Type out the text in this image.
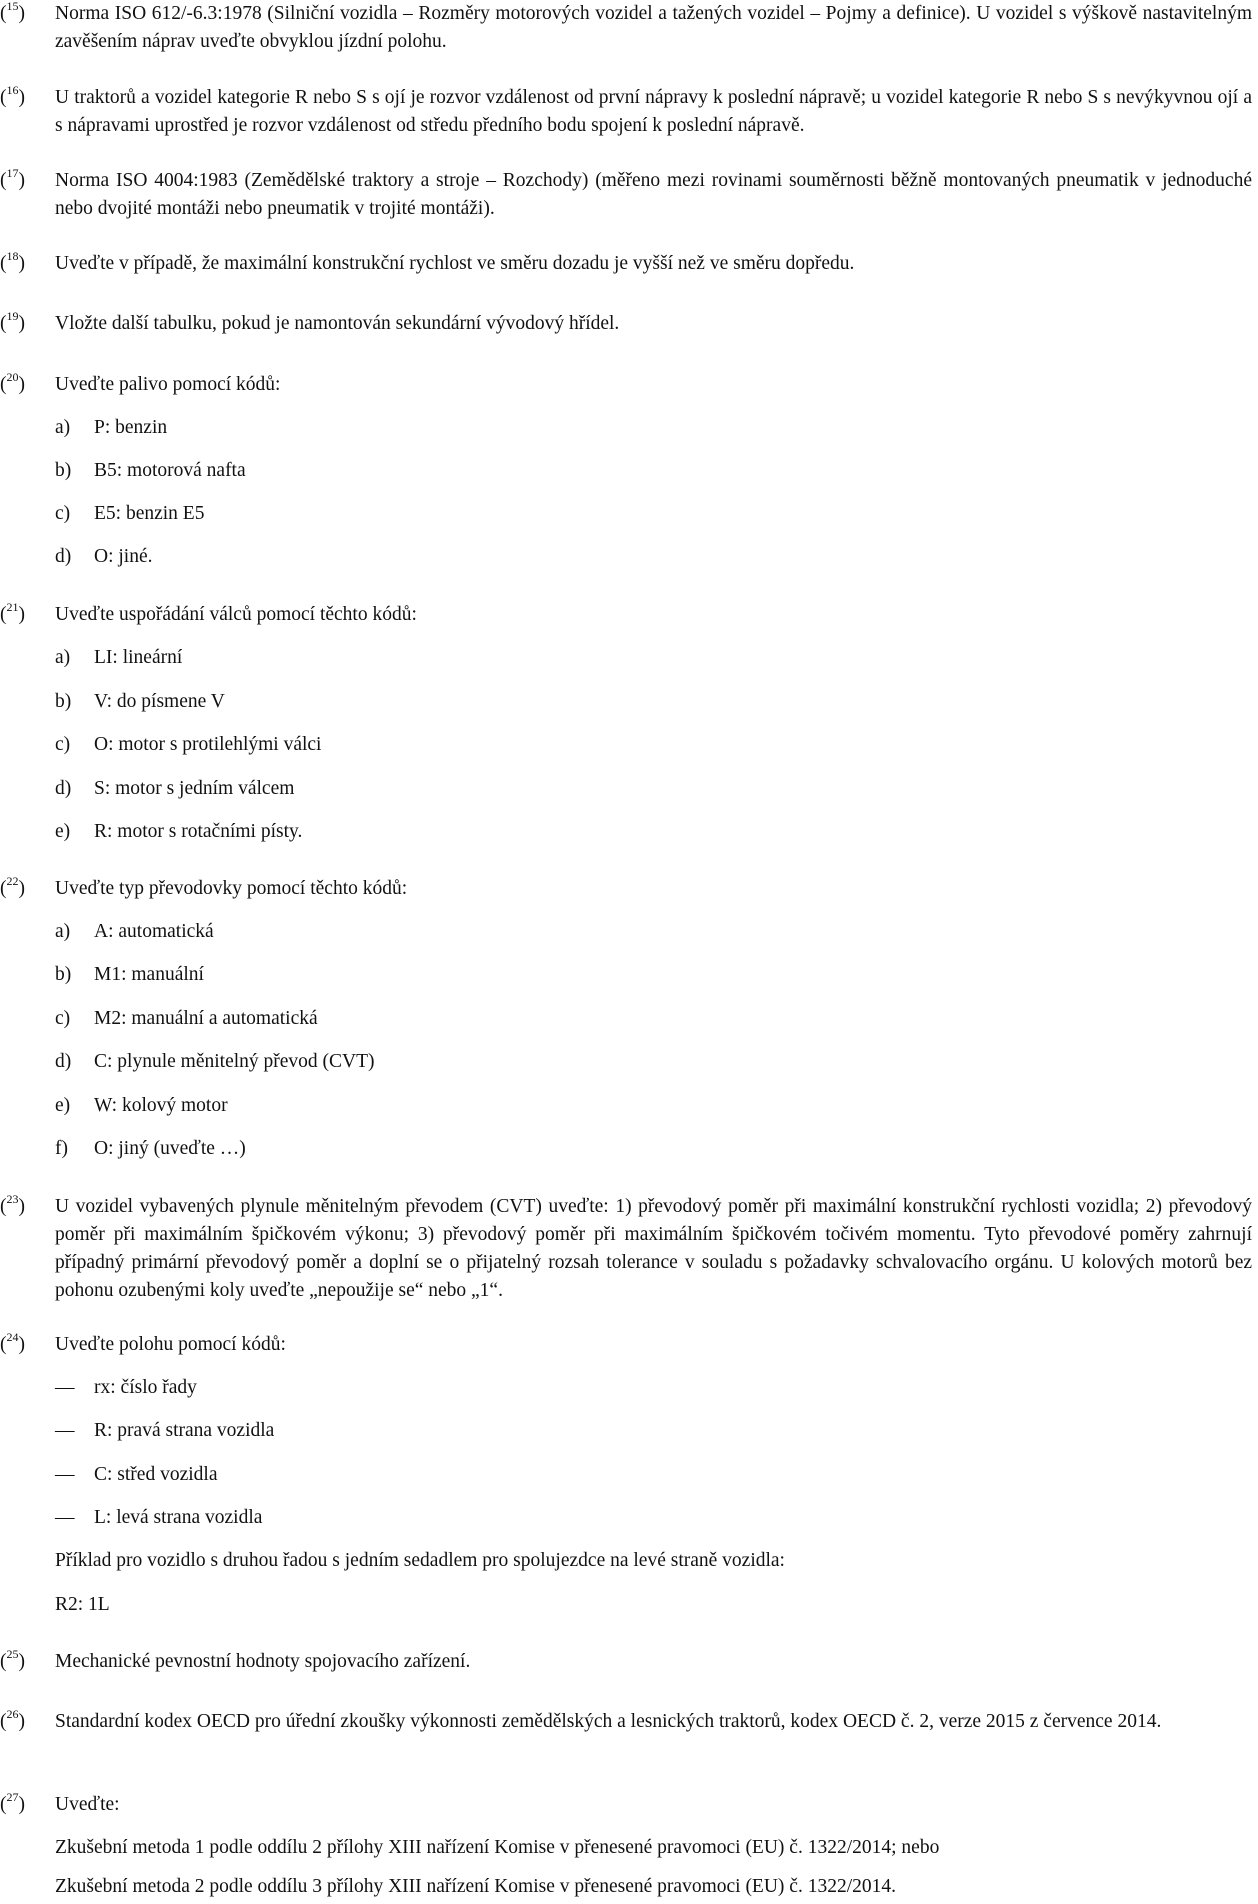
($^{15}$) Norma ISO 612/-6.3:1978 (Silniční vozidla – Rozměry motorových vozidel a tažených vozidel – Pojmy a definice). U vozidel s výškově nastavitelným zavěšením náprav uveďte obvyklou jízdní polohu.
($^{16}$) U traktorů a vozidel kategorie R nebo S s ojí je rozvor vzdálenost od první nápravy k poslední nápravě; u vozidel kategorie R nebo S s nevýkyvnou ojí a s nápravami uprostřed je rozvor vzdálenost od středu předního bodu spojení k poslední nápravě.
($^{17}$) Norma ISO 4004:1983 (Zemědělské traktory a stroje – Rozchody) (měřeno mezi rovinami souměrnosti běžně montovaných pneumatik v jednoduché nebo dvojité montáži nebo pneumatik v trojité montáži).
($^{18}$) Uveďte v případě, že maximální konstrukční rychlost ve směru dozadu je vyšší než ve směru dopředu.
($^{19}$) Vložte další tabulku, pokud je namontován sekundární vývodový hřídel.
($^{20}$) Uveďte palivo pomocí kódů:
a) P: benzin
b) B5: motorová nafta
c) E5: benzin E5
d) O: jiné.
($^{21}$) Uveďte uspořádání válců pomocí těchto kódů:
a) LI: lineární
b) V: do písmene V
c) O: motor s protilehlými válci
d) S: motor s jedním válcem
e) R: motor s rotačními písty.
($^{22}$) Uveďte typ převodovky pomocí těchto kódů:
a) A: automatická
b) M1: manuální
c) M2: manuální a automatická
d) C: plynule měnitelný převod (CVT)
e) W: kolový motor
f) O: jiný (uveďte …)
($^{23}$) U vozidel vybavených plynule měnitelným převodem (CVT) uveďte: 1) převodový poměr při maximální konstrukční rychlosti vozidla; 2) převodový poměr při maximálním špičkovém výkonu; 3) převodový poměr při maximálním špičkovém točivém momentu. Tyto převodové poměry zahrnují případný primární převodový poměr a doplní se o přijatelný rozsah tolerance v souladu s požadavky schvalovacího orgánu. U kolových motorů bez pohonu ozubenými koly uveďte „nepoužije se“ nebo „1“.
($^{24}$) Uveďte polohu pomocí kódů:
— rx: číslo řady
— R: pravá strana vozidla
— C: střed vozidla
— L: levá strana vozidla
Příklad pro vozidlo s druhou řadou s jedním sedadlem pro spolujezdce na levé straně vozidla:
R2: 1L
($^{25}$) Mechanické pevnostní hodnoty spojovacího zařízení.
($^{26}$) Standardní kodex OECD pro úřední zkoušky výkonnosti zemědělských a lesnických traktorů, kodex OECD č. 2, verze 2015 z července 2014.
($^{27}$) Uveďte:
Zkušební metoda 1 podle oddílu 2 přílohy XIII nařízení Komise v přenesené pravomoci (EU) č. 1322/2014; nebo
Zkušební metoda 2 podle oddílu 3 přílohy XIII nařízení Komise v přenesené pravomoci (EU) č. 1322/2014.
